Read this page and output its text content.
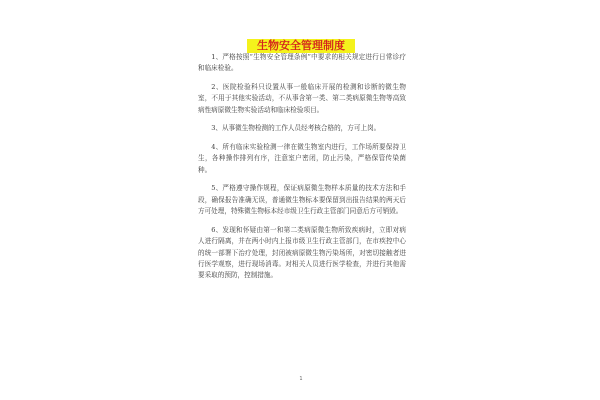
生物安全管理制度

1、严格按照“生物安全管理条例”中要求的相关规定进行日常诊疗和临床检验。

2、医院检验科只设置从事一般临床开展的检测和诊断的微生物室，不用于其他实验活动，不从事含第一类、第二类病原微生物等高致病性病原微生物实验活动和临床检验项目。

3、从事微生物检测的工作人员经考核合格的，方可上岗。

4、所有临床实验检测一律在微生物室内进行，工作场所要保持卫生，各种操作排列有序，注意室户密闭，防止污染，严格保管传染菌种。

5、严格遵守操作规程，保证病原微生物样本质量的技术方法和手段，确保报告准确无误，普通微生物标本要保留到出报告结果的两天后方可处理，特殊微生物标本经市级卫生行政主管部门同意后方可销毁。

6、发现和怀疑由第一和第二类病原微生物所致疾病时，立即对病人进行隔离，并在两小时内上报市级卫生行政主管部门，在市疾控中心的统一部署下治疗处理，封闭被病原微生物污染场所，对密切接触者进行医学观察，进行现场消毒。对相关人员进行医学检查，并进行其他需要采取的预防，控制措施。

1
